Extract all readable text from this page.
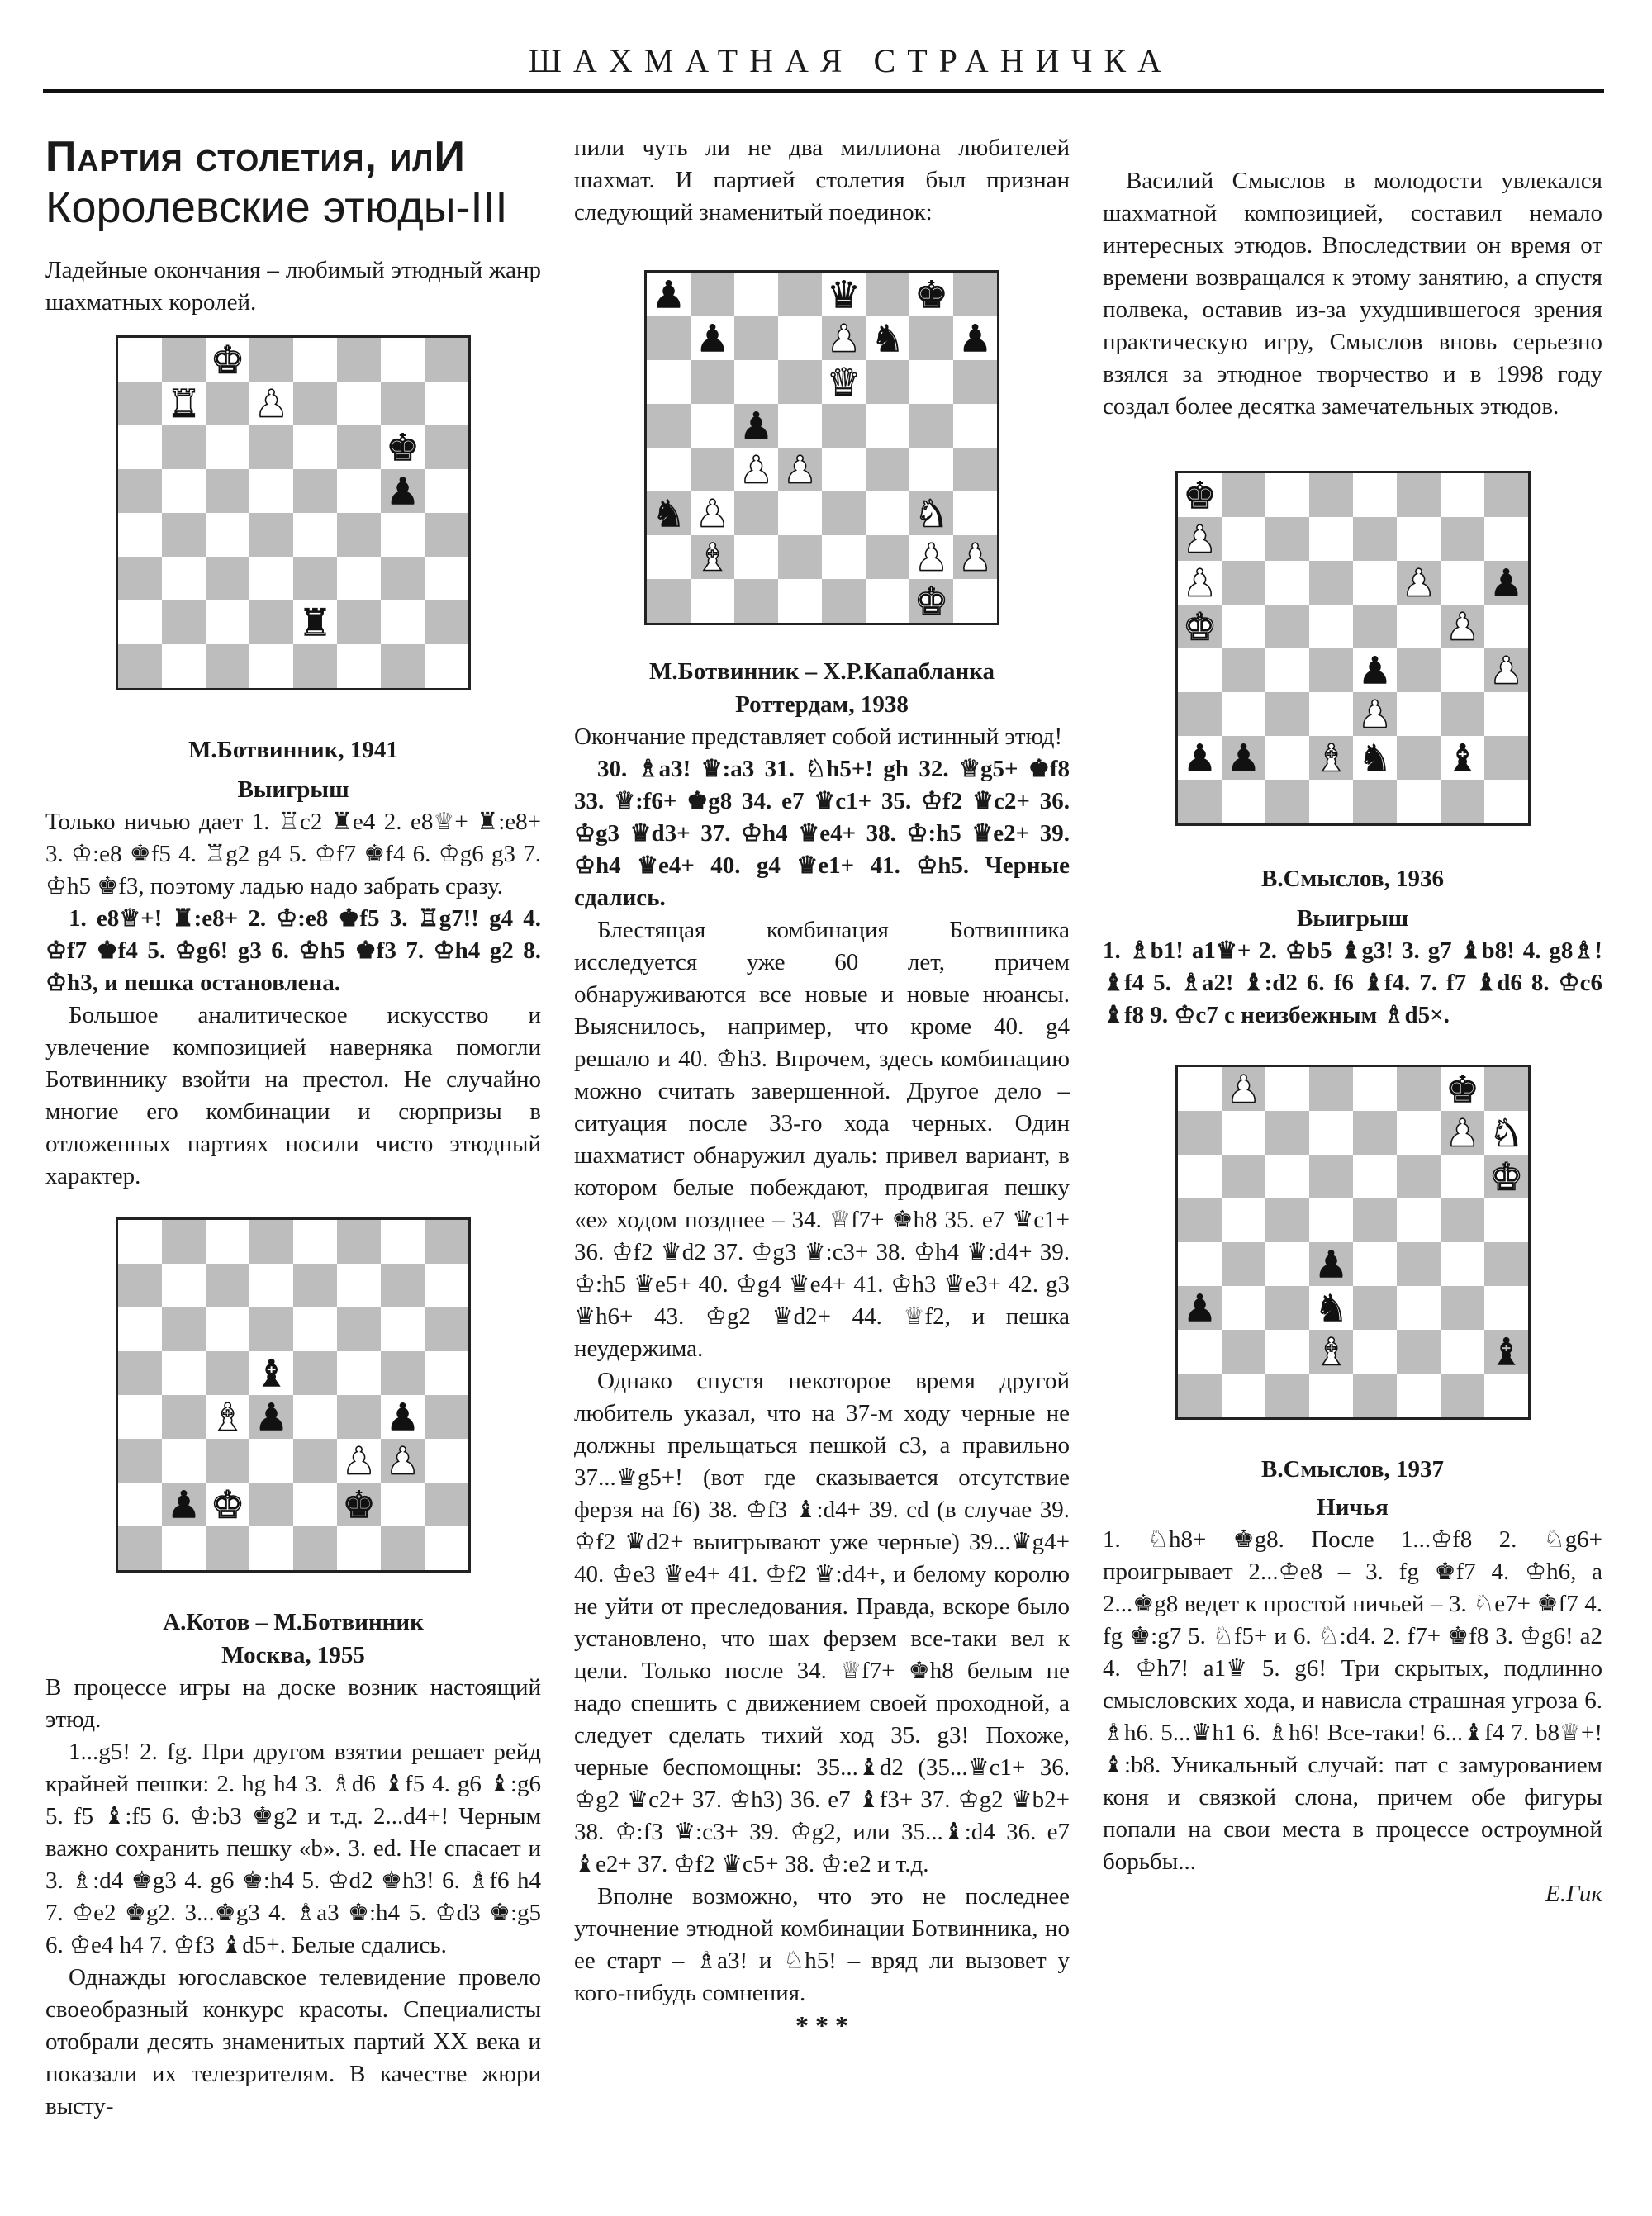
ШАХМАТНАЯ СТРАНИЧКА
Партия столетия, илИ
Королевские этюды-III

Ладейные окончания – любимый этюдный жанр шахматных королей.

♚
♜ ♟
♚
♟
♜
М.Ботвинник, 1941
Выигрыш

Только ничью дает 1. ♖c2 ♜e4 2. e8♕+ ♜:e8+ 3. ♔:e8 ♚f5 4. ♖g2 g4 5. ♔f7 ♚f4 6. ♔g6 g3 7. ♔h5 ♚f3, поэтому ладью надо забрать сразу.

1. e8♕+! ♜:e8+ 2. ♔:e8 ♚f5 3. ♖g7!! g4 4. ♔f7 ♚f4 5. ♔g6! g3 6. ♔h5 ♚f3 7. ♔h4 g2 8. ♔h3, и пешка остановлена.

Большое аналитическое искусство и увлечение композицией наверняка помогли Ботвиннику взойти на престол. Не случайно многие его комбинации и сюрпризы в отложенных партиях носили чисто этюдный характер.

♝
♝ ♟	♟
♟ ♟
♟ ♚	♚
А.Котов – М.Ботвинник
Москва, 1955

В процессе игры на доске возник настоящий этюд.

1...g5! 2. fg. При другом взятии решает рейд крайней пешки: 2. hg h4 3. ♗d6 ♝f5 4. g6 ♝:g6 5. f5 ♝:f5 6. ♔:b3 ♚g2 и т.д. 2...d4+! Черным важно сохранить пешку «b». 3. ed. Не спасает и 3. ♗:d4 ♚g3 4. g6 ♚:h4 5. ♔d2 ♚h3! 6. ♗f6 h4 7. ♔e2 ♚g2. 3...♚g3 4. ♗a3 ♚:h4 5. ♔d3 ♚:g5 6. ♔e4 h4 7. ♔f3 ♝d5+. Белые сдались.

Однажды югославское телевидение провело своеобразный конкурс красоты. Специалисты отобрали десять знаменитых партий XX века и показали их телезрителям. В качестве жюри высту-

пили чуть ли не два миллиона любителей шахмат. И партией столетия был признан следующий знаменитый поединок:

♟	♛ ♚
♟	♟ ♞ ♟
♛
♟
♟ ♟
♞ ♟	♞
♝	♟ ♟
♚
М.Ботвинник – Х.Р.Капабланка
Роттердам, 1938

Окончание представляет собой истинный этюд!

30. ♗a3! ♛:a3 31. ♘h5+! gh 32. ♕g5+ ♚f8 33. ♕:f6+ ♚g8 34. e7 ♛c1+ 35. ♔f2 ♛c2+ 36. ♔g3 ♛d3+ 37. ♔h4 ♛e4+ 38. ♔:h5 ♛e2+ 39. ♔h4 ♛e4+ 40. g4 ♛e1+ 41. ♔h5. Черные сдались.

Блестящая комбинация Ботвинника исследуется уже 60 лет, причем обнаруживаются все новые и новые нюансы. Выяснилось, например, что кроме 40. g4 решало и 40. ♔h3. Впрочем, здесь комбинацию можно считать завершенной. Другое дело – ситуация после 33-го хода черных. Один шахматист обнаружил дуаль: привел вариант, в котором белые побеждают, продвигая пешку «е» ходом позднее – 34. ♕f7+ ♚h8 35. e7 ♛c1+ 36. ♔f2 ♛d2 37. ♔g3 ♛:c3+ 38. ♔h4 ♛:d4+ 39. ♔:h5 ♛e5+ 40. ♔g4 ♛e4+ 41. ♔h3 ♛e3+ 42. g3 ♛h6+ 43. ♔g2 ♛d2+ 44. ♕f2, и пешка неудержима.

Однако спустя некоторое время другой любитель указал, что на 37-м ходу черные не должны прельщаться пешкой c3, а правильно 37...♛g5+! (вот где сказывается отсутствие ферзя на f6) 38. ♔f3 ♝:d4+ 39. cd (в случае 39. ♔f2 ♛d2+ выигрывают уже черные) 39...♛g4+ 40. ♔e3 ♛e4+ 41. ♔f2 ♛:d4+, и белому королю не уйти от преследования. Правда, вскоре было установлено, что шах ферзем все-таки вел к цели. Только после 34. ♕f7+ ♚h8 белым не надо спешить с движением своей проходной, а следует сделать тихий ход 35. g3! Похоже, черные беспомощны: 35...♝d2 (35...♛c1+ 36. ♔g2 ♛c2+ 37. ♔h3) 36. e7 ♝f3+ 37. ♔g2 ♛b2+ 38. ♔:f3 ♛:c3+ 39. ♔g2, или 35...♝:d4 36. e7 ♝e2+ 37. ♔f2 ♛c5+ 38. ♔:e2 и т.д.

Вполне возможно, что это не последнее уточнение этюдной комбинации Ботвинника, но ее старт – ♗a3! и ♘h5! – вряд ли вызовет у кого-нибудь сомнения.

* * *

Василий Смыслов в молодости увлекался шахматной композицией, составил немало интересных этюдов. Впоследствии он время от времени возвращался к этому занятию, а спустя полвека, оставив из-за ухудшившегося зрения практическую игру, Смыслов вновь серьезно взялся за этюдное творчество и в 1998 году создал более десятка замечательных этюдов.

♚
♟
♟	♟ ♟
♚	♟
♟	♟
♟
♝
♟ ♟	♞ ♝
В.Смыслов, 1936
Выигрыш

1. ♗b1! a1♛+ 2. ♔b5 ♝g3! 3. g7 ♝b8! 4. g8♗! ♝f4 5. ♗a2! ♝:d2 6. f6 ♝f4. 7. f7 ♝d6 8. ♔c6 ♝f8 9. ♔c7 с неизбежным ♗d5×.

♟	♚
♟ ♞
♚
♟
♟	♞
♝	♝
В.Смыслов, 1937
Ничья

1. ♘h8+ ♚g8. После 1...♔f8 2. ♘g6+ проигрывает 2...♔e8 – 3. fg ♚f7 4. ♔h6, а 2...♚g8 ведет к простой ничьей – 3. ♘e7+ ♚f7 4. fg ♚:g7 5. ♘f5+ и 6. ♘:d4. 2. f7+ ♚f8 3. ♔g6! a2 4. ♔h7! a1♛ 5. g6! Три скрытых, подлинно смысловских хода, и нависла страшная угроза 6. ♗h6. 5...♛h1 6. ♗h6! Все-таки! 6...♝f4 7. b8♕+! ♝:b8. Уникальный случай: пат с замурованием коня и связкой слона, причем обе фигуры попали на свои места в процессе остроумной борьбы...

Е.Гик
